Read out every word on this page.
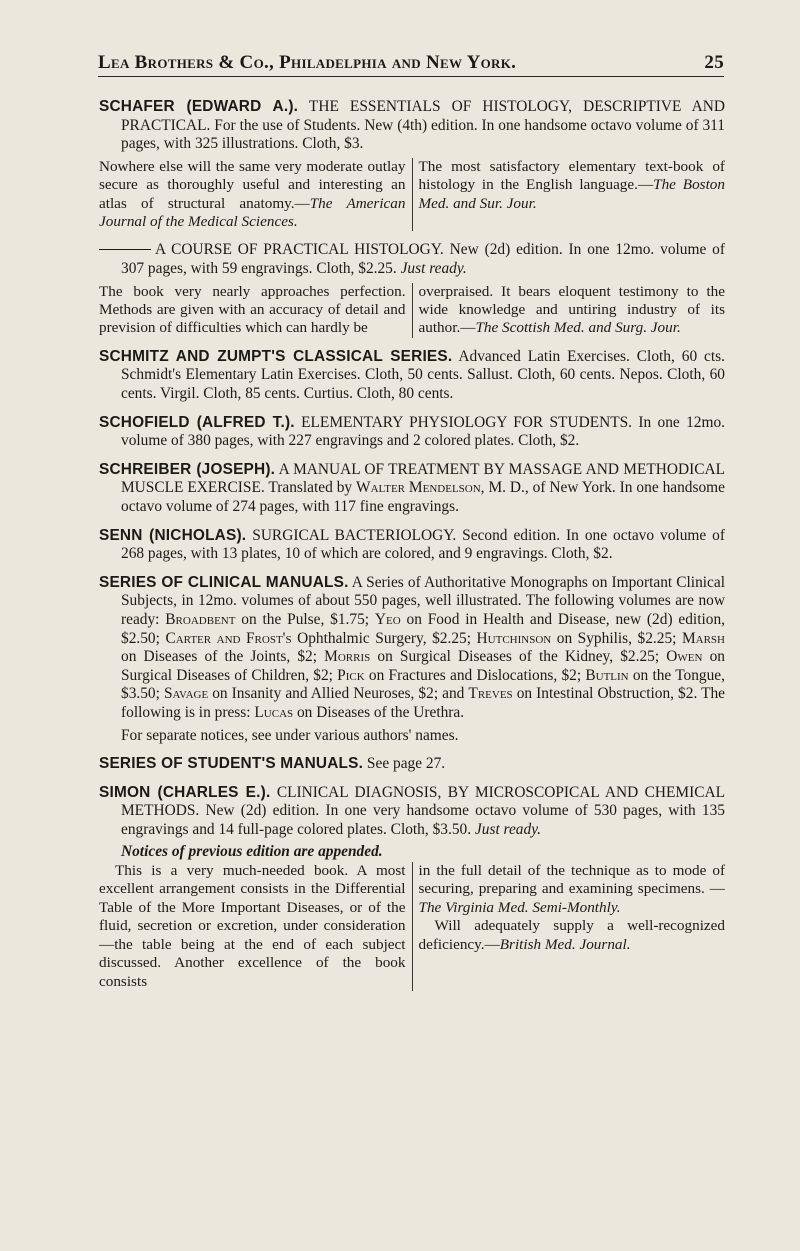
Lea Brothers & Co., Philadelphia and New York.	25
SCHAFER (EDWARD A.). THE ESSENTIALS OF HISTOLOGY, DESCRIPTIVE AND PRACTICAL. For the use of Students. New (4th) edition. In one handsome octavo volume of 311 pages, with 325 illustrations. Cloth, $3.
Nowhere else will the same very moderate outlay secure as thoroughly useful and interesting an atlas of structural anatomy.—The American Journal of the Medical Sciences.
The most satisfactory elementary text-book of histology in the English language.—The Boston Med. and Sur. Jour.
A COURSE OF PRACTICAL HISTOLOGY. New (2d) edition. In one 12mo. volume of 307 pages, with 59 engravings. Cloth, $2.25. Just ready.
The book very nearly approaches perfection. Methods are given with an accuracy of detail and prevision of difficulties which can hardly be
overpraised. It bears eloquent testimony to the wide knowledge and untiring industry of its author.—The Scottish Med. and Surg. Jour.
SCHMITZ AND ZUMPT'S CLASSICAL SERIES. Advanced Latin Exercises. Cloth, 60 cts. Schmidt's Elementary Latin Exercises. Cloth, 50 cents. Sallust. Cloth, 60 cents. Nepos. Cloth, 60 cents. Virgil. Cloth, 85 cents. Curtius. Cloth, 80 cents.
SCHOFIELD (ALFRED T.). ELEMENTARY PHYSIOLOGY FOR STUDENTS. In one 12mo. volume of 380 pages, with 227 engravings and 2 colored plates. Cloth, $2.
SCHREIBER (JOSEPH). A MANUAL OF TREATMENT BY MASSAGE AND METHODICAL MUSCLE EXERCISE. Translated by Walter Mendelson, M. D., of New York. In one handsome octavo volume of 274 pages, with 117 fine engravings.
SENN (NICHOLAS). SURGICAL BACTERIOLOGY. Second edition. In one octavo volume of 268 pages, with 13 plates, 10 of which are colored, and 9 engravings. Cloth, $2.
SERIES OF CLINICAL MANUALS. A Series of Authoritative Monographs on Important Clinical Subjects, in 12mo. volumes of about 550 pages, well illustrated. The following volumes are now ready: Broadbent on the Pulse, $1.75; Yeo on Food in Health and Disease, new (2d) edition, $2.50; Carter and Frost's Ophthalmic Surgery, $2.25; Hutchinson on Syphilis, $2.25; Marsh on Diseases of the Joints, $2; Morris on Surgical Diseases of the Kidney, $2.25; Owen on Surgical Diseases of Children, $2; Pick on Fractures and Dislocations, $2; Butlin on the Tongue, $3.50; Savage on Insanity and Allied Neuroses, $2; and Treves on Intestinal Obstruction, $2. The following is in press: Lucas on Diseases of the Urethra.
For separate notices, see under various authors' names.
SERIES OF STUDENT'S MANUALS. See page 27.
SIMON (CHARLES E.). CLINICAL DIAGNOSIS, BY MICROSCOPICAL AND CHEMICAL METHODS. New (2d) edition. In one very handsome octavo volume of 530 pages, with 135 engravings and 14 full-page colored plates. Cloth, $3.50. Just ready.
Notices of previous edition are appended.
This is a very much-needed book. A most excellent arrangement consists in the Differential Table of the More Important Diseases, or of the fluid, secretion or excretion, under consideration—the table being at the end of each subject discussed. Another excellence of the book consists
in the full detail of the technique as to mode of securing, preparing and examining specimens. — The Virginia Med. Semi-Monthly.
Will adequately supply a well-recognized deficiency.—British Med. Journal.
